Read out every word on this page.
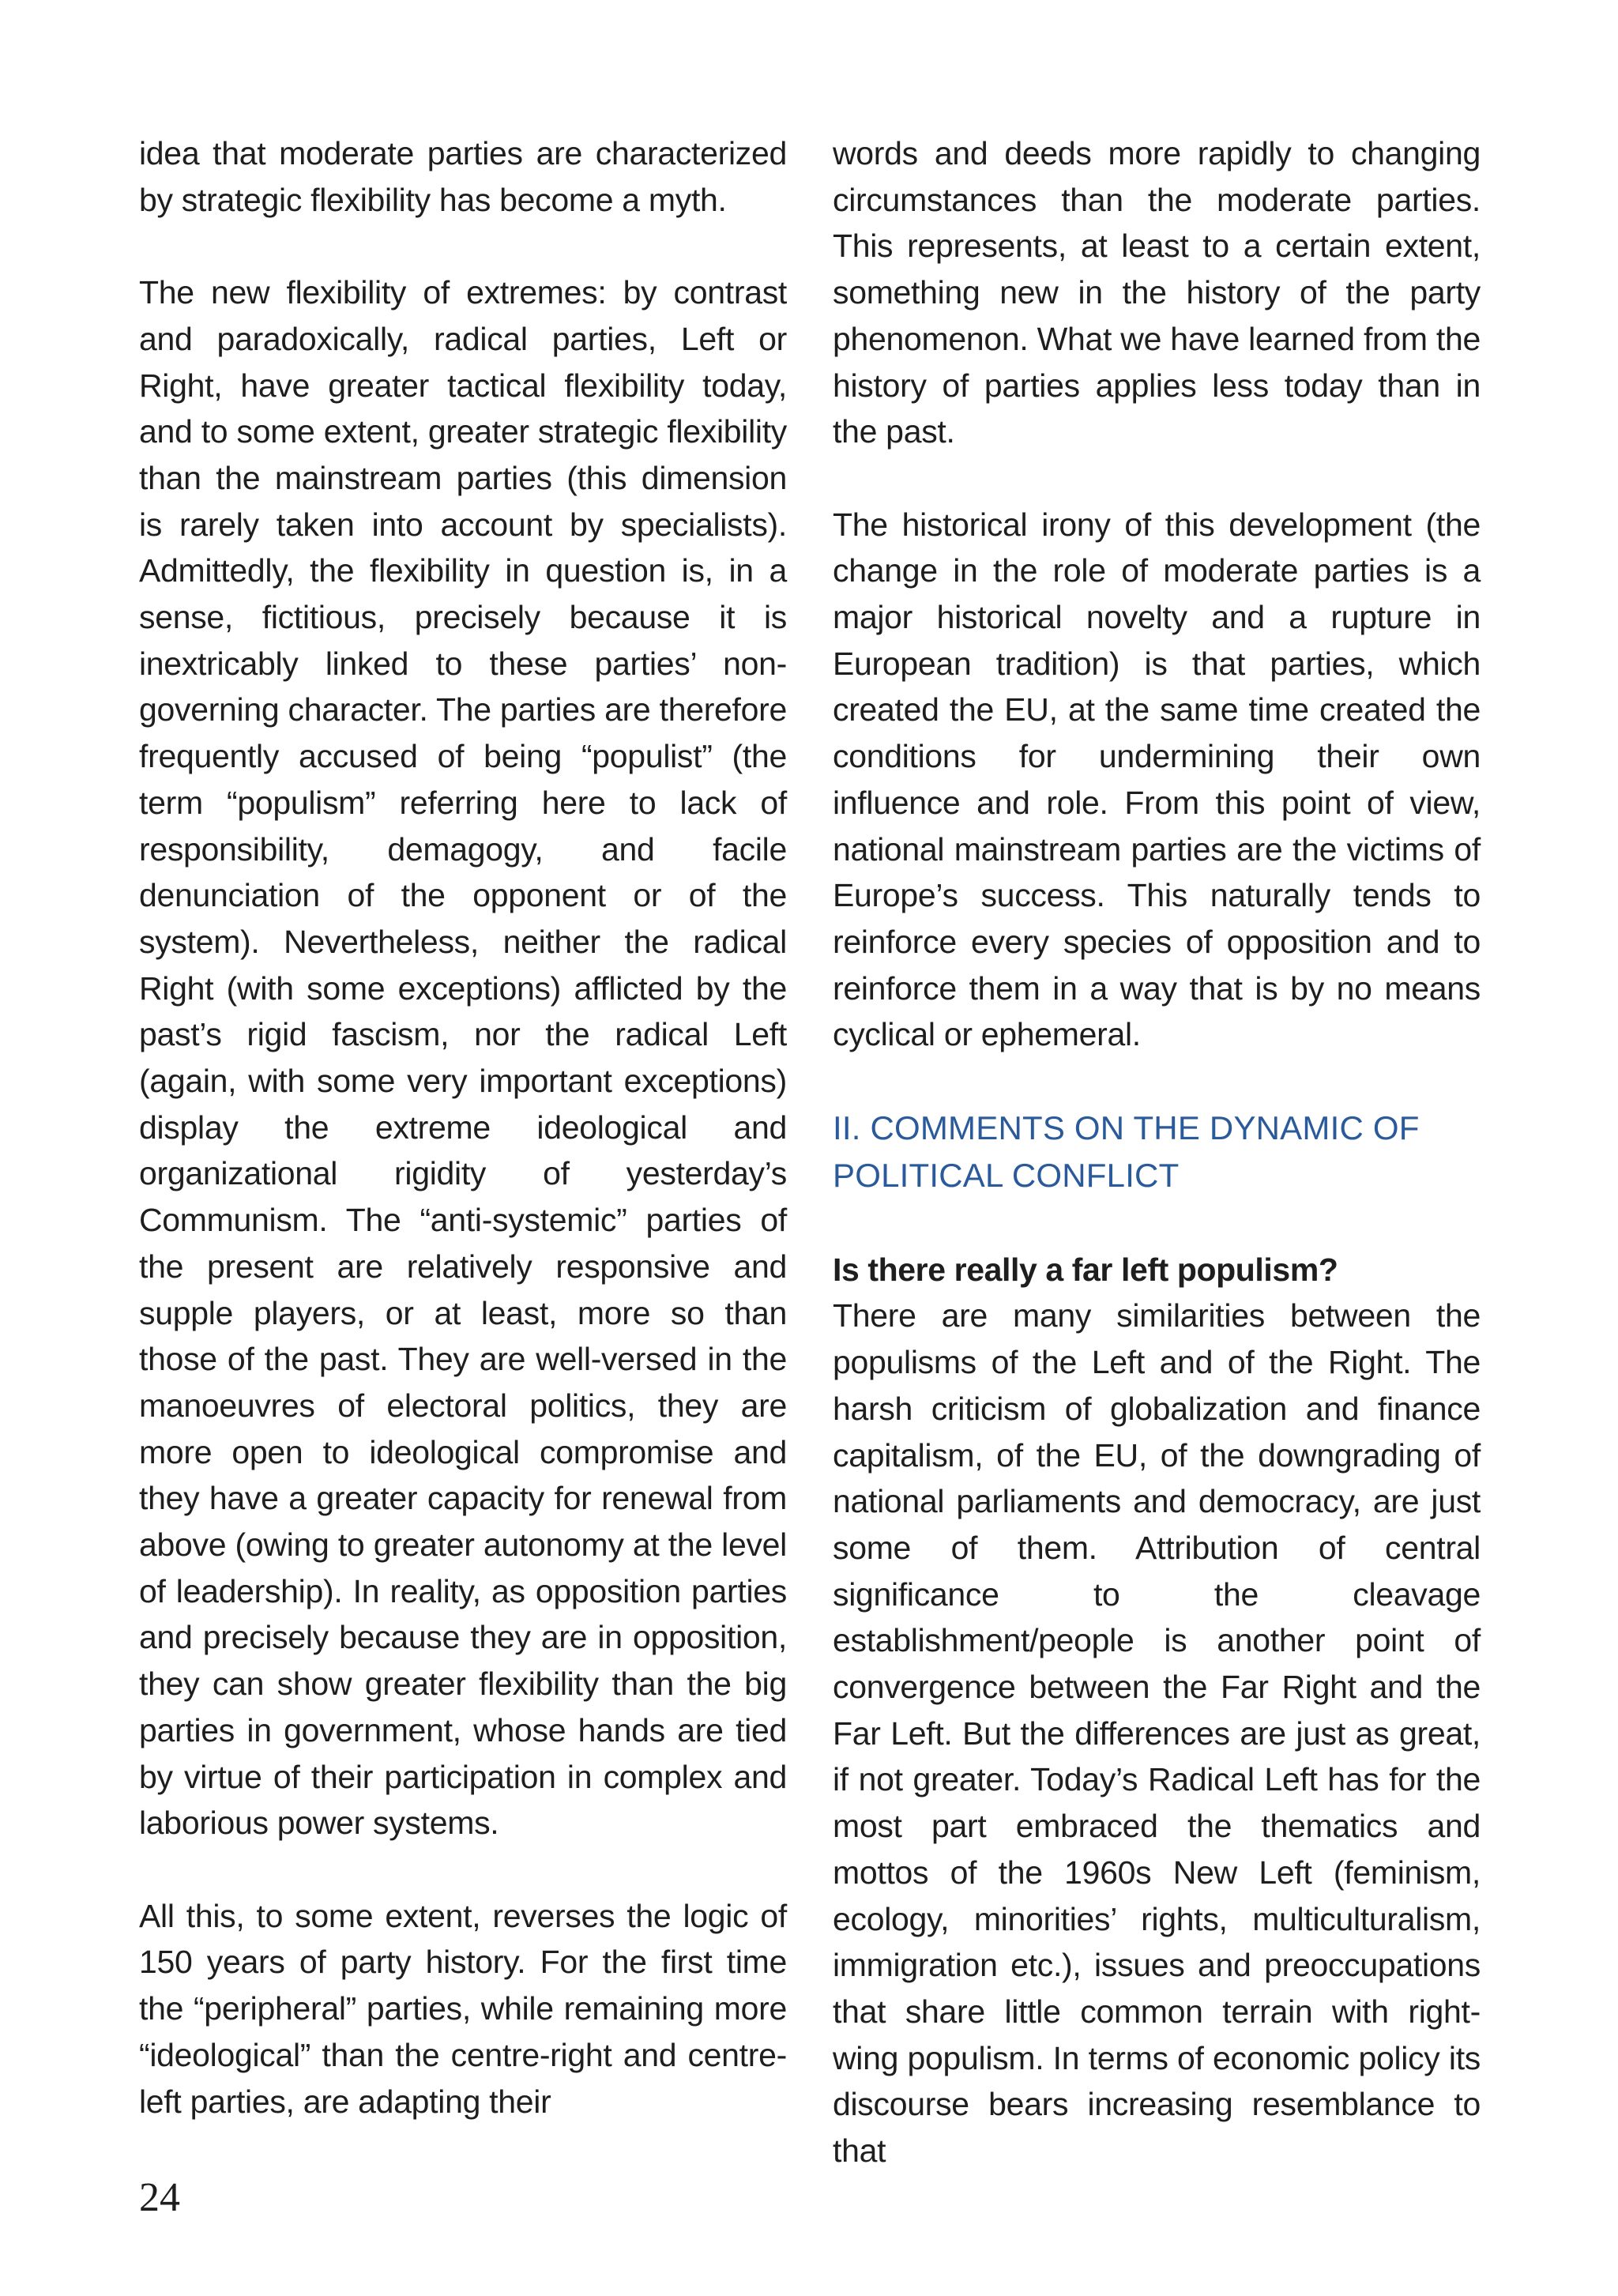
idea that moderate parties are characterized by strategic flexibility has become a myth.

The new flexibility of extremes: by contrast and paradoxically, radical parties, Left or Right, have greater tactical flexibility today, and to some extent, greater strategic flexibility than the mainstream parties (this dimension is rarely taken into account by specialists). Admittedly, the flexibility in question is, in a sense, fictitious, precisely because it is inextricably linked to these parties’ non-governing character. The parties are therefore frequently accused of being “populist” (the term “populism” referring here to lack of responsibility, demagogy, and facile denunciation of the opponent or of the system). Nevertheless, neither the radical Right (with some exceptions) afflicted by the past’s rigid fascism, nor the radical Left (again, with some very important exceptions) display the extreme ideological and organizational rigidity of yesterday’s Communism. The “anti-systemic” parties of the present are relatively responsive and supple players, or at least, more so than those of the past. They are well-versed in the manoeuvres of electoral politics, they are more open to ideological compromise and they have a greater capacity for renewal from above (owing to greater autonomy at the level of leadership). In reality, as opposition parties and precisely because they are in opposition, they can show greater flexibility than the big parties in government, whose hands are tied by virtue of their participation in complex and laborious power systems.

All this, to some extent, reverses the logic of 150 years of party history. For the first time the “peripheral” parties, while remaining more “ideological” than the centre-right and centre-left parties, are adapting their

words and deeds more rapidly to changing circumstances than the moderate parties. This represents, at least to a certain extent, something new in the history of the party phenomenon. What we have learned from the history of parties applies less today than in the past.

The historical irony of this development (the change in the role of moderate parties is a major historical novelty and a rupture in European tradition) is that parties, which created the EU, at the same time created the conditions for undermining their own influence and role. From this point of view, national mainstream parties are the victims of Europe’s success. This naturally tends to reinforce every species of opposition and to reinforce them in a way that is by no means cyclical or ephemeral.

II. COMMENTS ON THE DYNAMIC OF
POLITICAL CONFLICT

Is there really a far left populism?

There are many similarities between the populisms of the Left and of the Right. The harsh criticism of globalization and finance capitalism, of the EU, of the downgrading of national parliaments and democracy, are just some of them. Attribution of central significance to the cleavage establishment/people is another point of convergence between the Far Right and the Far Left. But the differences are just as great, if not greater. Today’s Radical Left has for the most part embraced the thematics and mottos of the 1960s New Left (feminism, ecology, minorities’ rights, multiculturalism, immigration etc.), issues and preoccupations that share little common terrain with right-wing populism. In terms of economic policy its discourse bears increasing resemblance to that

24
